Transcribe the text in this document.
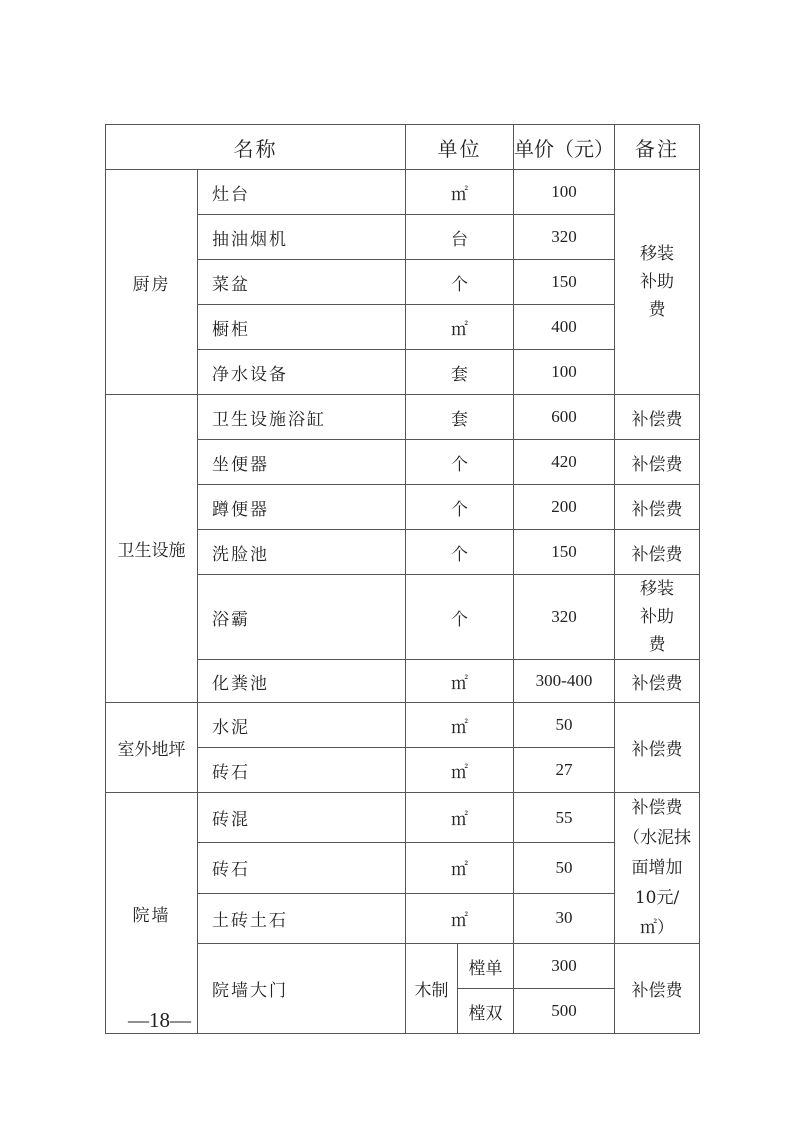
名称		单位		单价（元）	备注
厨房	灶台	㎡		100	移装补助费
	抽油烟机	台		320	
	菜盆	个		150	
	橱柜	㎡		400	
	净水设备	套		100	
卫生设施	卫生设施浴缸	套		600	补偿费
	坐便器	个		420	补偿费
	蹲便器	个		200	补偿费
	洗脸池	个		150	补偿费
	浴霸	个		320	移装补助费
	化粪池	㎡		300-400	补偿费
室外地坪	水泥	㎡		50	补偿费
	砖石	㎡		27	
院墙	砖混	㎡		55	补偿费（水泥抹面增加10元/㎡）
	砖石	㎡		50	
	土砖土石	㎡		30	
	院墙大门	木制	樘单	300	补偿费
			樘双	500	
—18—
